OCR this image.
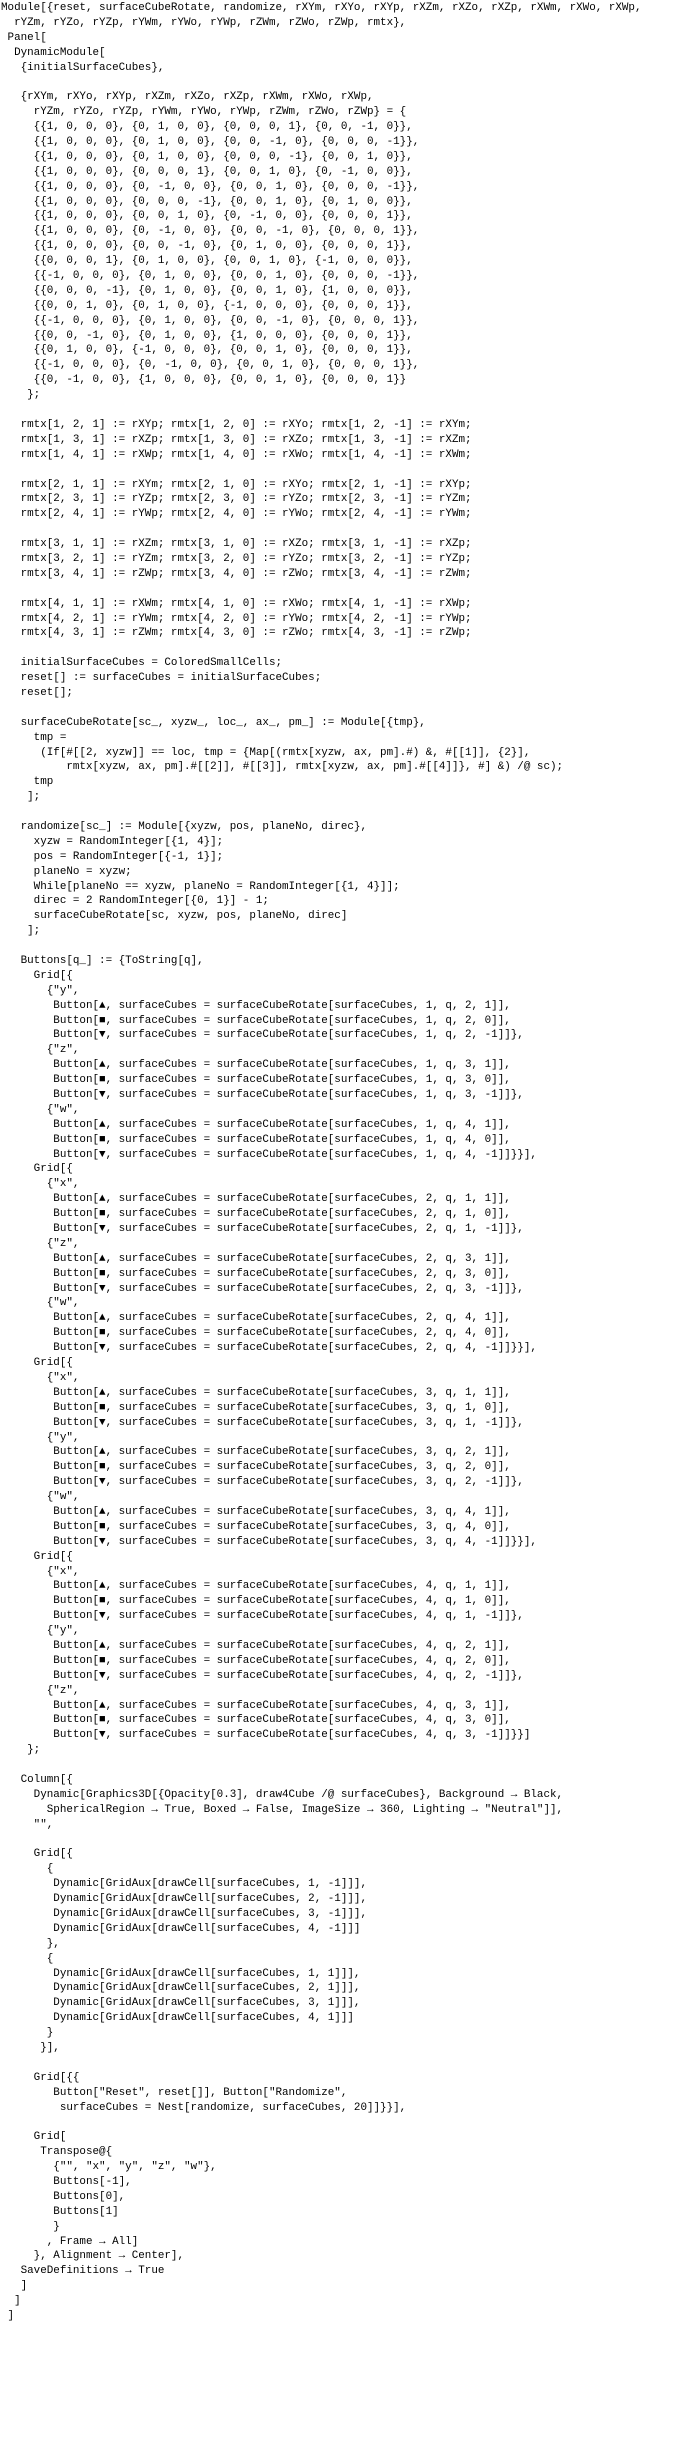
Module[{reset, surfaceCubeRotate, randomize, rXYm, rXYo, rXYp, rXZm, rXZo, rXZp, rXWm, rXWo, rXWp,
rYZm, rYZo, rYZp, rYWm, rYWo, rYWp, rZWm, rZWo, rZWp, rmtx},
Panel[
DynamicModule[
{initialSurfaceCubes},
{rXYm, rXYo, rXYp, rXZm, rXZo, rXZp, rXWm, rXWo, rXWp,
rYZm, rYZo, rYZp, rYWm, rYWo, rYWp, rZWm, rZWo, rZWp} = {
{{1, 0, 0, 0}, {0, 1, 0, 0}, {0, 0, 0, 1}, {0, 0, -1, 0}},
{{1, 0, 0, 0}, {0, 1, 0, 0}, {0, 0, -1, 0}, {0, 0, 0, -1}},
{{1, 0, 0, 0}, {0, 1, 0, 0}, {0, 0, 0, -1}, {0, 0, 1, 0}},
{{1, 0, 0, 0}, {0, 0, 0, 1}, {0, 0, 1, 0}, {0, -1, 0, 0}},
{{1, 0, 0, 0}, {0, -1, 0, 0}, {0, 0, 1, 0}, {0, 0, 0, -1}},
{{1, 0, 0, 0}, {0, 0, 0, -1}, {0, 0, 1, 0}, {0, 1, 0, 0}},
{{1, 0, 0, 0}, {0, 0, 1, 0}, {0, -1, 0, 0}, {0, 0, 0, 1}},
{{1, 0, 0, 0}, {0, -1, 0, 0}, {0, 0, -1, 0}, {0, 0, 0, 1}},
{{1, 0, 0, 0}, {0, 0, -1, 0}, {0, 1, 0, 0}, {0, 0, 0, 1}},
{{0, 0, 0, 1}, {0, 1, 0, 0}, {0, 0, 1, 0}, {-1, 0, 0, 0}},
{{-1, 0, 0, 0}, {0, 1, 0, 0}, {0, 0, 1, 0}, {0, 0, 0, -1}},
{{0, 0, 0, -1}, {0, 1, 0, 0}, {0, 0, 1, 0}, {1, 0, 0, 0}},
{{0, 0, 1, 0}, {0, 1, 0, 0}, {-1, 0, 0, 0}, {0, 0, 0, 1}},
{{-1, 0, 0, 0}, {0, 1, 0, 0}, {0, 0, -1, 0}, {0, 0, 0, 1}},
{{0, 0, -1, 0}, {0, 1, 0, 0}, {1, 0, 0, 0}, {0, 0, 0, 1}},
{{0, 1, 0, 0}, {-1, 0, 0, 0}, {0, 0, 1, 0}, {0, 0, 0, 1}},
{{-1, 0, 0, 0}, {0, -1, 0, 0}, {0, 0, 1, 0}, {0, 0, 0, 1}},
{{0, -1, 0, 0}, {1, 0, 0, 0}, {0, 0, 1, 0}, {0, 0, 0, 1}}
};
rmtx[1, 2, 1] := rXYp; rmtx[1, 2, 0] := rXYo; rmtx[1, 2, -1] := rXYm;
rmtx[1, 3, 1] := rXZp; rmtx[1, 3, 0] := rXZo; rmtx[1, 3, -1] := rXZm;
rmtx[1, 4, 1] := rXWp; rmtx[1, 4, 0] := rXWo; rmtx[1, 4, -1] := rXWm;
rmtx[2, 1, 1] := rXYm; rmtx[2, 1, 0] := rXYo; rmtx[2, 1, -1] := rXYp;
rmtx[2, 3, 1] := rYZp; rmtx[2, 3, 0] := rYZo; rmtx[2, 3, -1] := rYZm;
rmtx[2, 4, 1] := rYWp; rmtx[2, 4, 0] := rYWo; rmtx[2, 4, -1] := rYWm;
rmtx[3, 1, 1] := rXZm; rmtx[3, 1, 0] := rXZo; rmtx[3, 1, -1] := rXZp;
rmtx[3, 2, 1] := rYZm; rmtx[3, 2, 0] := rYZo; rmtx[3, 2, -1] := rYZp;
rmtx[3, 4, 1] := rZWp; rmtx[3, 4, 0] := rZWo; rmtx[3, 4, -1] := rZWm;
rmtx[4, 1, 1] := rXWm; rmtx[4, 1, 0] := rXWo; rmtx[4, 1, -1] := rXWp;
rmtx[4, 2, 1] := rYWm; rmtx[4, 2, 0] := rYWo; rmtx[4, 2, -1] := rYWp;
rmtx[4, 3, 1] := rZWm; rmtx[4, 3, 0] := rZWo; rmtx[4, 3, -1] := rZWp;
initialSurfaceCubes = ColoredSmallCells;
reset[] := surfaceCubes = initialSurfaceCubes;
reset[];
surfaceCubeRotate[sc_, xyzw_, loc_, ax_, pm_] := Module[{tmp},
tmp =
(If[#[[2, xyzw]] == loc, tmp = {Map[(rmtx[xyzw, ax, pm].#) &, #[[1]], {2}],
rmtx[xyzw, ax, pm].#[[2]], #[[3]], rmtx[xyzw, ax, pm].#[[4]]}, #] &) /@ sc);
tmp
];
randomize[sc_] := Module[{xyzw, pos, planeNo, direc},
xyzw = RandomInteger[{1, 4}];
pos = RandomInteger[{-1, 1}];
planeNo = xyzw;
While[planeNo == xyzw, planeNo = RandomInteger[{1, 4}]];
direc = 2 RandomInteger[{0, 1}] - 1;
surfaceCubeRotate[sc, xyzw, pos, planeNo, direc]
];
Buttons[q_] := {ToString[q],
Grid[{
{"y",
Button[▲, surfaceCubes = surfaceCubeRotate[surfaceCubes, 1, q, 2, 1]],
Button[■, surfaceCubes = surfaceCubeRotate[surfaceCubes, 1, q, 2, 0]],
Button[▼, surfaceCubes = surfaceCubeRotate[surfaceCubes, 1, q, 2, -1]]},
{"z",
Button[▲, surfaceCubes = surfaceCubeRotate[surfaceCubes, 1, q, 3, 1]],
Button[■, surfaceCubes = surfaceCubeRotate[surfaceCubes, 1, q, 3, 0]],
Button[▼, surfaceCubes = surfaceCubeRotate[surfaceCubes, 1, q, 3, -1]]},
{"w",
Button[▲, surfaceCubes = surfaceCubeRotate[surfaceCubes, 1, q, 4, 1]],
Button[■, surfaceCubes = surfaceCubeRotate[surfaceCubes, 1, q, 4, 0]],
Button[▼, surfaceCubes = surfaceCubeRotate[surfaceCubes, 1, q, 4, -1]]}}],
Grid[{
{"x",
Button[▲, surfaceCubes = surfaceCubeRotate[surfaceCubes, 2, q, 1, 1]],
Button[■, surfaceCubes = surfaceCubeRotate[surfaceCubes, 2, q, 1, 0]],
Button[▼, surfaceCubes = surfaceCubeRotate[surfaceCubes, 2, q, 1, -1]]},
{"z",
Button[▲, surfaceCubes = surfaceCubeRotate[surfaceCubes, 2, q, 3, 1]],
Button[■, surfaceCubes = surfaceCubeRotate[surfaceCubes, 2, q, 3, 0]],
Button[▼, surfaceCubes = surfaceCubeRotate[surfaceCubes, 2, q, 3, -1]]},
{"w",
Button[▲, surfaceCubes = surfaceCubeRotate[surfaceCubes, 2, q, 4, 1]],
Button[■, surfaceCubes = surfaceCubeRotate[surfaceCubes, 2, q, 4, 0]],
Button[▼, surfaceCubes = surfaceCubeRotate[surfaceCubes, 2, q, 4, -1]]}}],
Grid[{
{"x",
Button[▲, surfaceCubes = surfaceCubeRotate[surfaceCubes, 3, q, 1, 1]],
Button[■, surfaceCubes = surfaceCubeRotate[surfaceCubes, 3, q, 1, 0]],
Button[▼, surfaceCubes = surfaceCubeRotate[surfaceCubes, 3, q, 1, -1]]},
{"y",
Button[▲, surfaceCubes = surfaceCubeRotate[surfaceCubes, 3, q, 2, 1]],
Button[■, surfaceCubes = surfaceCubeRotate[surfaceCubes, 3, q, 2, 0]],
Button[▼, surfaceCubes = surfaceCubeRotate[surfaceCubes, 3, q, 2, -1]]},
{"w",
Button[▲, surfaceCubes = surfaceCubeRotate[surfaceCubes, 3, q, 4, 1]],
Button[■, surfaceCubes = surfaceCubeRotate[surfaceCubes, 3, q, 4, 0]],
Button[▼, surfaceCubes = surfaceCubeRotate[surfaceCubes, 3, q, 4, -1]]}}],
Grid[{
{"x",
Button[▲, surfaceCubes = surfaceCubeRotate[surfaceCubes, 4, q, 1, 1]],
Button[■, surfaceCubes = surfaceCubeRotate[surfaceCubes, 4, q, 1, 0]],
Button[▼, surfaceCubes = surfaceCubeRotate[surfaceCubes, 4, q, 1, -1]]},
{"y",
Button[▲, surfaceCubes = surfaceCubeRotate[surfaceCubes, 4, q, 2, 1]],
Button[■, surfaceCubes = surfaceCubeRotate[surfaceCubes, 4, q, 2, 0]],
Button[▼, surfaceCubes = surfaceCubeRotate[surfaceCubes, 4, q, 2, -1]]},
{"z",
Button[▲, surfaceCubes = surfaceCubeRotate[surfaceCubes, 4, q, 3, 1]],
Button[■, surfaceCubes = surfaceCubeRotate[surfaceCubes, 4, q, 3, 0]],
Button[▼, surfaceCubes = surfaceCubeRotate[surfaceCubes, 4, q, 3, -1]]}}]
};
Column[{
Dynamic[Graphics3D[{Opacity[0.3], draw4Cube /@ surfaceCubes}, Background → Black,
SphericalRegion → True, Boxed → False, ImageSize → 360, Lighting → "Neutral"]],
"",
Grid[{
{
Dynamic[GridAux[drawCell[surfaceCubes, 1, -1]]],
Dynamic[GridAux[drawCell[surfaceCubes, 2, -1]]],
Dynamic[GridAux[drawCell[surfaceCubes, 3, -1]]],
Dynamic[GridAux[drawCell[surfaceCubes, 4, -1]]]
},
{
Dynamic[GridAux[drawCell[surfaceCubes, 1, 1]]],
Dynamic[GridAux[drawCell[surfaceCubes, 2, 1]]],
Dynamic[GridAux[drawCell[surfaceCubes, 3, 1]]],
Dynamic[GridAux[drawCell[surfaceCubes, 4, 1]]]
}
}],
Grid[{{
Button["Reset", reset[]], Button["Randomize",
surfaceCubes = Nest[randomize, surfaceCubes, 20]]}}],
Grid[
Transpose@{
{"", "x", "y", "z", "w"},
Buttons[-1],
Buttons[0],
Buttons[1]
}
, Frame → All]
}, Alignment → Center],
SaveDefinitions → True
]
]
]
